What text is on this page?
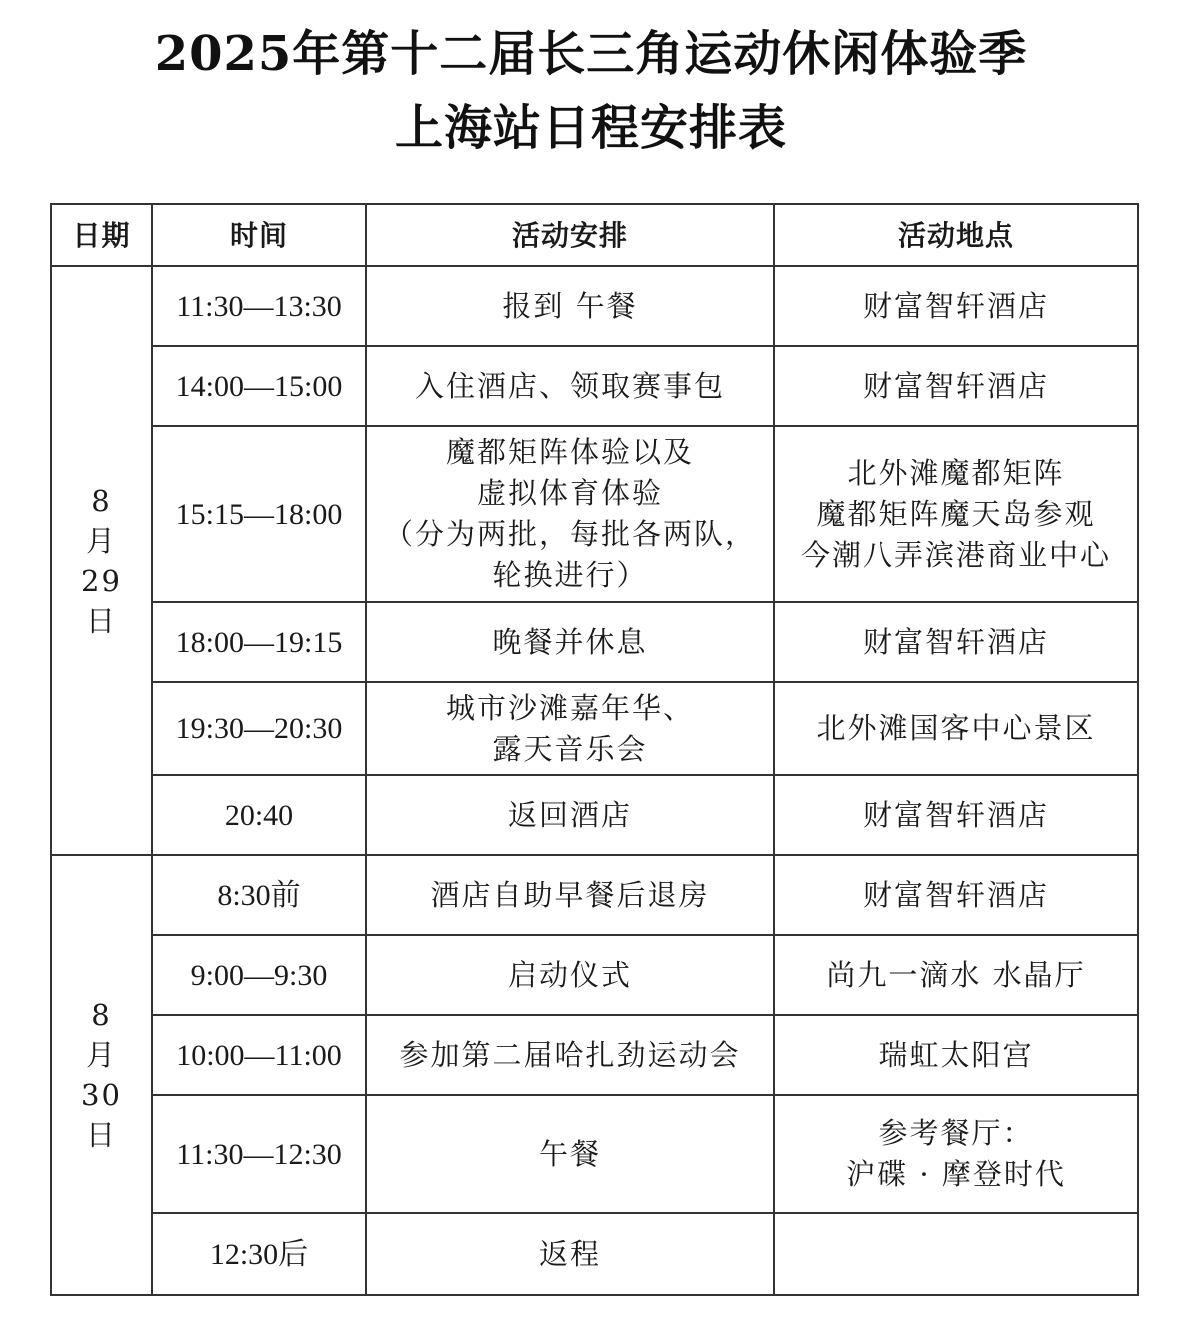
2025年第十二届长三角运动休闲体验季
上海站日程安排表
日期	时间	活动安排	活动地点

8
月
29
日	11:30—13:30	报到 午餐	财富智轩酒店
	14:00—15:00	入住酒店、领取赛事包	财富智轩酒店
	15:15—18:00	魔都矩阵体验以及
虚拟体育体验
（分为两批，每批各两队，
轮换进行）	北外滩魔都矩阵
魔都矩阵魔天岛参观
今潮八弄滨港商业中心

	18:00—19:15	晚餐并休息	财富智轩酒店
	19:30—20:30	城市沙滩嘉年华、
露天音乐会	北外滩国客中心景区
	20:40	返回酒店	财富智轩酒店

8
月
30
日	8:30前	酒店自助早餐后退房	财富智轩酒店
	9:00—9:30	启动仪式	尚九一滴水 水晶厅
	10:00—11:00	参加第二届哈扎劲运动会	瑞虹太阳宫
	11:30—12:30	午餐	参考餐厅：
沪碟 · 摩登时代

	12:30后	返程	
